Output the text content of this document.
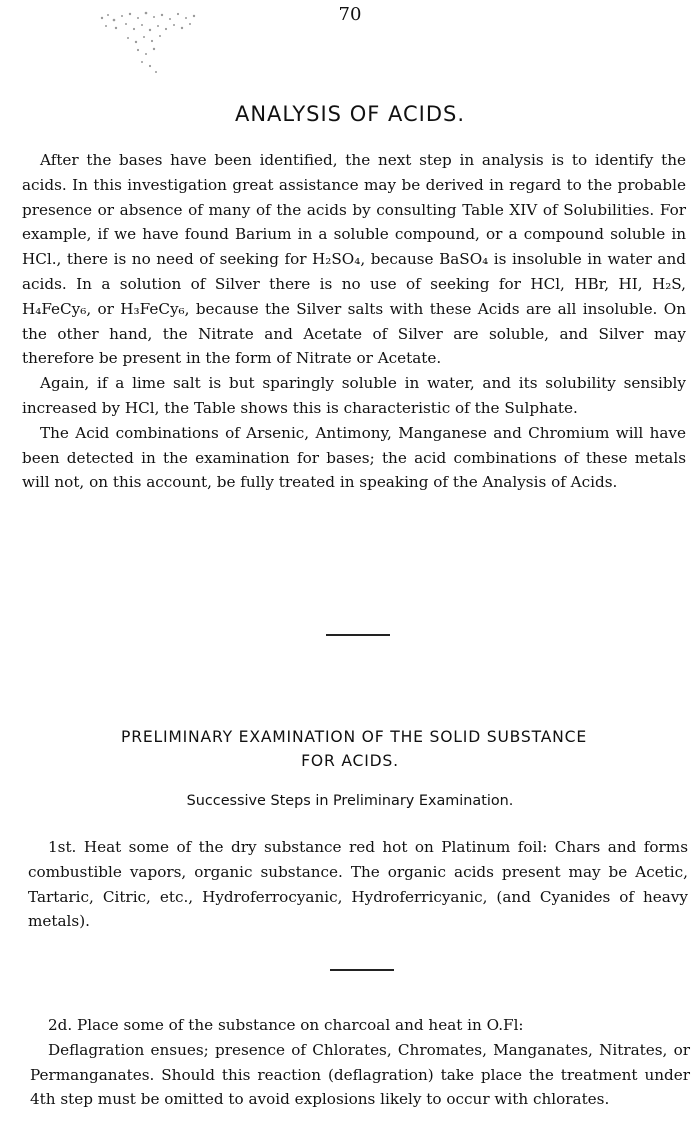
70
ANALYSIS OF ACIDS.

After the bases have been identified, the next step in analysis is to identify the acids. In this investigation great assistance may be derived in regard to the probable presence or absence of many of the acids by consulting Table XIV of Solubilities. For example, if we have found Barium in a soluble compound, or a compound soluble in HCl., there is no need of seeking for H₂SO₄, because BaSO₄ is insoluble in water and acids. In a solution of Silver there is no use of seeking for HCl, HBr, HI, H₂S, H₄FeCy₆, or H₃FeCy₆, because the Silver salts with these Acids are all insoluble. On the other hand, the Nitrate and Acetate of Silver are soluble, and Silver may therefore be present in the form of Nitrate or Acetate.

Again, if a lime salt is but sparingly soluble in water, and its solubility sensibly increased by HCl, the Table shows this is characteristic of the Sulphate.

The Acid combinations of Arsenic, Antimony, Manganese and Chromium will have been detected in the examination for bases; the acid combinations of these metals will not, on this account, be fully treated in speaking of the Analysis of Acids.

PRELIMINARY EXAMINATION OF THE SOLID SUBSTANCE
FOR ACIDS.
Successive Steps in Preliminary Examination.

1st. Heat some of the dry substance red hot on Platinum foil: Chars and forms combustible vapors, organic substance. The organic acids present may be Acetic, Tartaric, Citric, etc., Hydroferrocyanic, Hydroferricyanic, (and Cyanides of heavy metals).

2d. Place some of the substance on charcoal and heat in O.Fl:

Deflagration ensues; presence of Chlorates, Chromates, Manganates, Nitrates, or Permanganates. Should this reaction (deflagration) take place the treatment under 4th step must be omitted to avoid explosions likely to occur with chlorates.
